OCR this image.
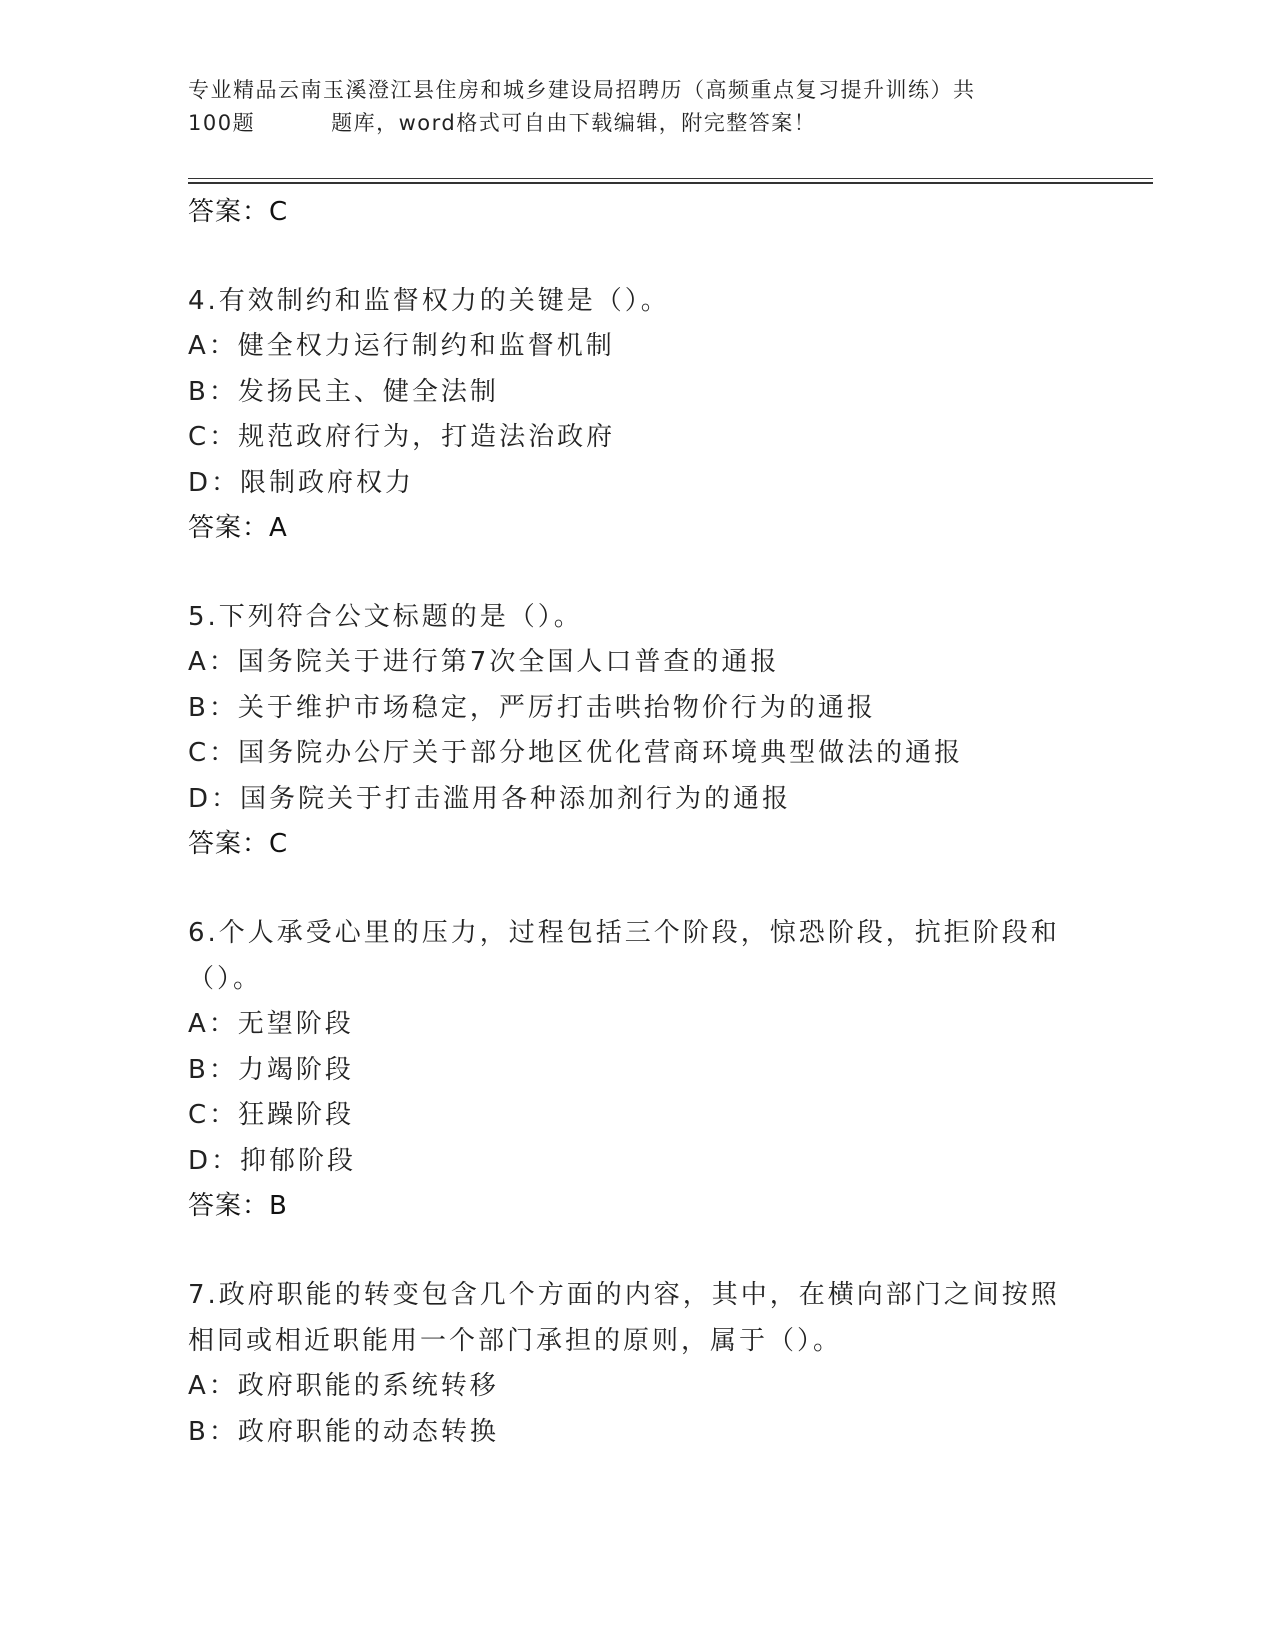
专业精品云南玉溪澄江县住房和城乡建设局招聘历（高频重点复习提升训练）共
100题	题库，word格式可自由下载编辑，附完整答案！
答案：C
4.有效制约和监督权力的关键是（）。
A：健全权力运行制约和监督机制
B：发扬民主、健全法制
C：规范政府行为，打造法治政府
D：限制政府权力
答案：A
5.下列符合公文标题的是（）。
A：国务院关于进行第7次全国人口普查的通报
B：关于维护市场稳定，严厉打击哄抬物价行为的通报
C：国务院办公厅关于部分地区优化营商环境典型做法的通报
D：国务院关于打击滥用各种添加剂行为的通报
答案：C
6.个人承受心里的压力，过程包括三个阶段，惊恐阶段，抗拒阶段和（）。
A：无望阶段
B：力竭阶段
C：狂躁阶段
D：抑郁阶段
答案：B
7.政府职能的转变包含几个方面的内容，其中，在横向部门之间按照相同或相近职能用一个部门承担的原则，属于（）。
A：政府职能的系统转移
B：政府职能的动态转换
